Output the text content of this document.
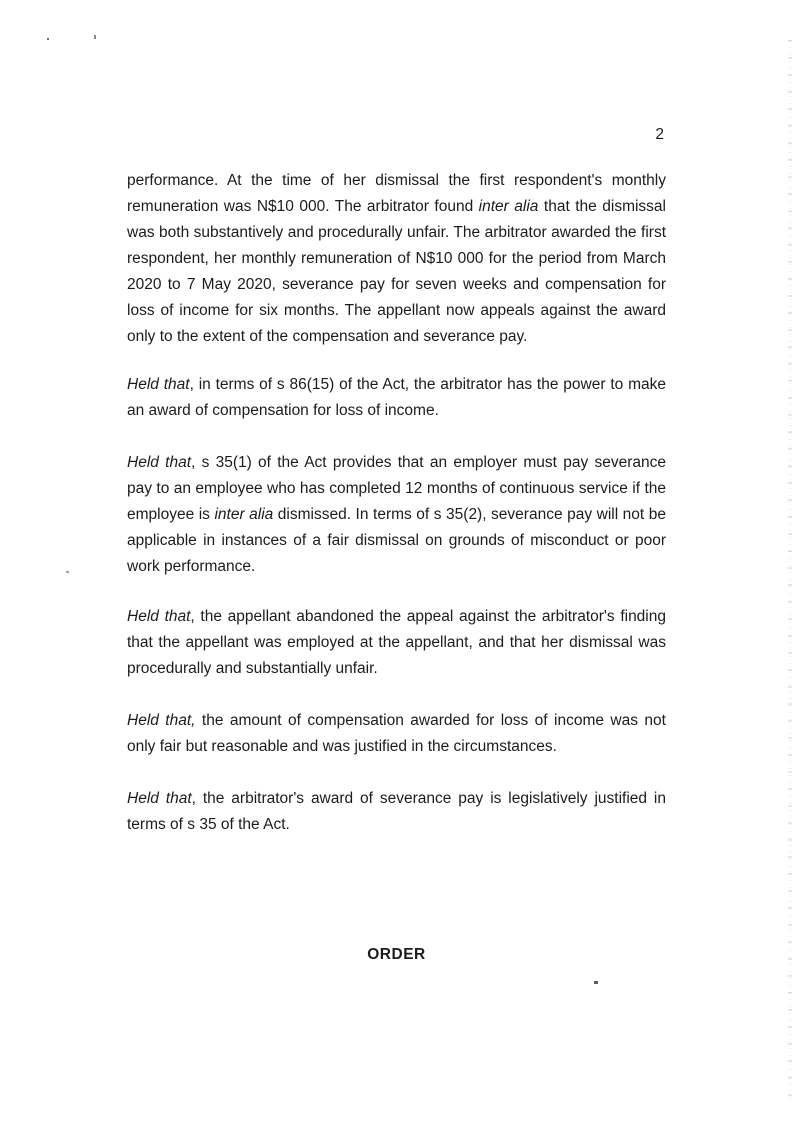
2

performance. At the time of her dismissal the first respondent's monthly remuneration was N$10 000. The arbitrator found inter alia that the dismissal was both substantively and procedurally unfair. The arbitrator awarded the first respondent, her monthly remuneration of N$10 000 for the period from March 2020 to 7 May 2020, severance pay for seven weeks and compensation for loss of income for six months. The appellant now appeals against the award only to the extent of the compensation and severance pay.

Held that, in terms of s 86(15) of the Act, the arbitrator has the power to make an award of compensation for loss of income.

Held that, s 35(1) of the Act provides that an employer must pay severance pay to an employee who has completed 12 months of continuous service if the employee is inter alia dismissed. In terms of s 35(2), severance pay will not be applicable in instances of a fair dismissal on grounds of misconduct or poor work performance.

Held that, the appellant abandoned the appeal against the arbitrator's finding that the appellant was employed at the appellant, and that her dismissal was procedurally and substantially unfair.

Held that, the amount of compensation awarded for loss of income was not only fair but reasonable and was justified in the circumstances.

Held that, the arbitrator's award of severance pay is legislatively justified in terms of s 35 of the Act.

ORDER
